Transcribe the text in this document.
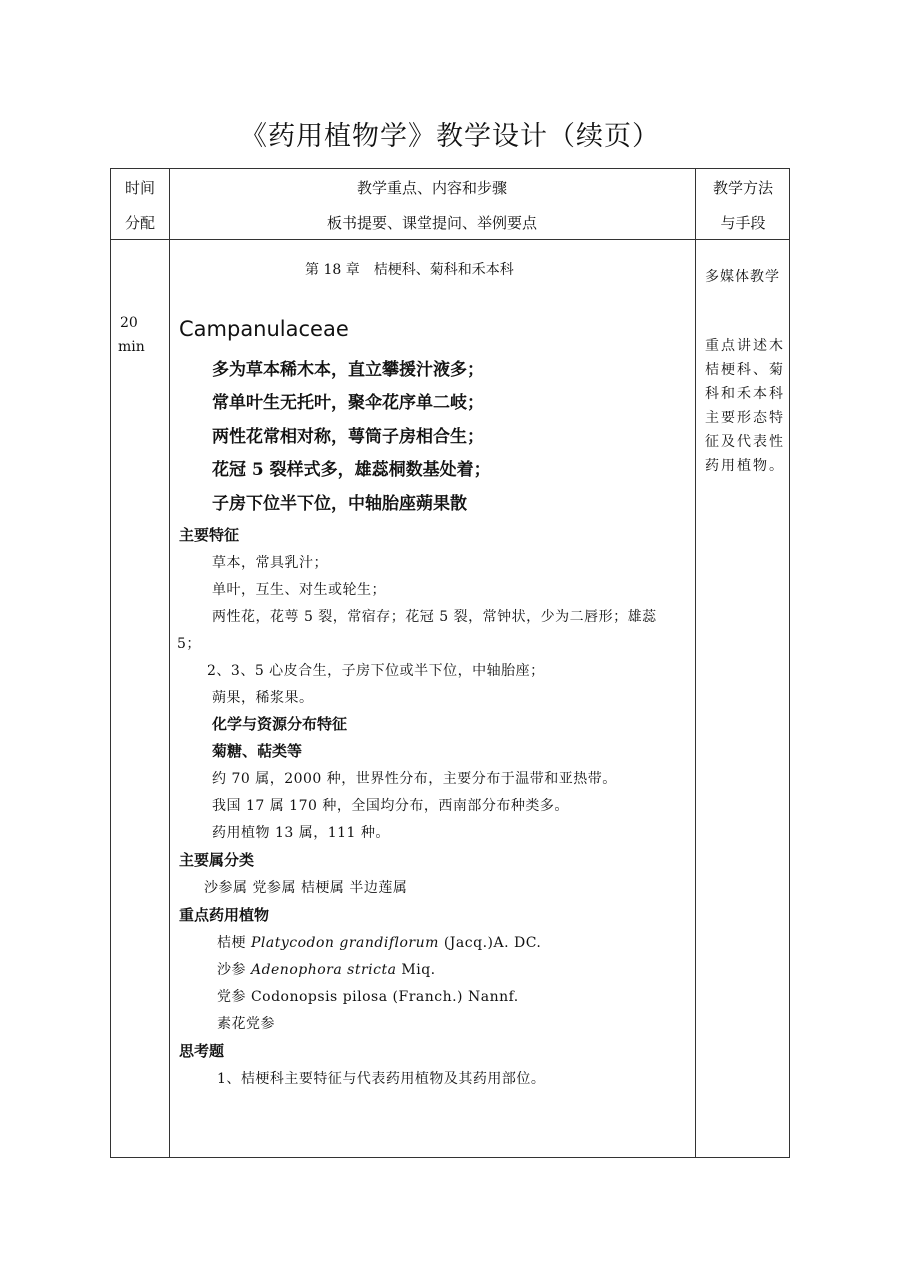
《药用植物学》教学设计（续页）
时间
分配
教学重点、内容和步骤
板书提要、课堂提问、举例要点
教学方法
与手段
20
min
第 18 章　桔梗科、菊科和禾本科
Campanulaceae
多为草本稀木本，直立攀援汁液多；
常单叶生无托叶，聚伞花序单二岐；
两性花常相对称，萼筒子房相合生；
花冠 5 裂样式多，雄蕊桐数基处着；
子房下位半下位，中轴胎座蒴果散
主要特征
草本，常具乳汁；
单叶，互生、对生或轮生；
两性花，花萼 5 裂，常宿存；花冠 5 裂，常钟状，少为二唇形；雄蕊
5；
2、3、5 心皮合生，子房下位或半下位，中轴胎座；
蒴果，稀浆果。
化学与资源分布特征
菊糖、萜类等
约 70 属，2000 种，世界性分布，主要分布于温带和亚热带。
我国 17 属 170 种，全国均分布，西南部分布种类多。
药用植物 13 属，111 种。
主要属分类
沙参属 党参属 桔梗属 半边莲属
重点药用植物
桔梗 Platycodon grandiflorum (Jacq.)A. DC.
沙参 Adenophora stricta Miq.
党参 Codonopsis pilosa (Franch.) Nannf.
素花党参
思考题
1、桔梗科主要特征与代表药用植物及其药用部位。
多媒体教学
重点讲述木
桔梗科、菊
科和禾本科
主要形态特
征及代表性
药用植物。
